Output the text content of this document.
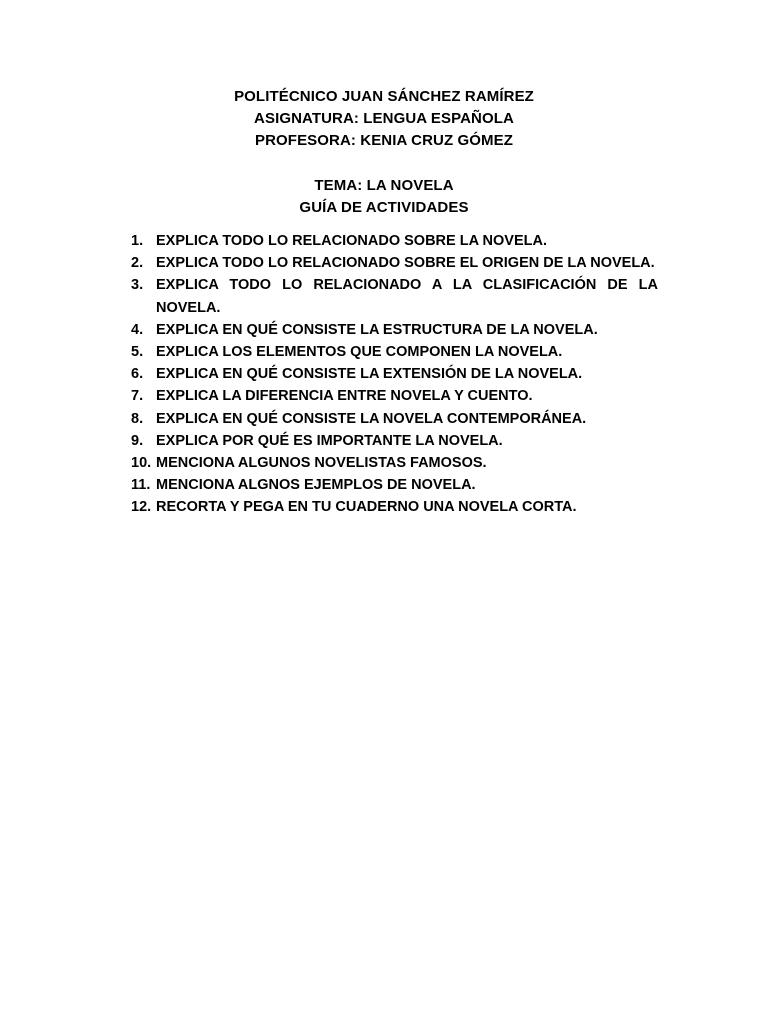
POLITÉCNICO JUAN SÁNCHEZ RAMÍREZ
ASIGNATURA: LENGUA ESPAÑOLA
PROFESORA: KENIA CRUZ GÓMEZ
TEMA: LA NOVELA
GUÍA DE ACTIVIDADES
1. EXPLICA TODO LO RELACIONADO SOBRE LA NOVELA.
2. EXPLICA TODO LO RELACIONADO SOBRE EL ORIGEN DE LA NOVELA.
3. EXPLICA TODO LO RELACIONADO A LA CLASIFICACIÓN DE LA NOVELA.
4. EXPLICA EN QUÉ CONSISTE LA ESTRUCTURA DE LA NOVELA.
5. EXPLICA LOS ELEMENTOS QUE COMPONEN LA NOVELA.
6. EXPLICA EN QUÉ CONSISTE LA EXTENSIÓN DE LA NOVELA.
7. EXPLICA LA DIFERENCIA ENTRE NOVELA Y CUENTO.
8. EXPLICA EN QUÉ CONSISTE LA NOVELA CONTEMPORÁNEA.
9. EXPLICA POR QUÉ ES IMPORTANTE LA NOVELA.
10. MENCIONA ALGUNOS NOVELISTAS FAMOSOS.
11. MENCIONA ALGNOS EJEMPLOS DE NOVELA.
12. RECORTA Y PEGA EN TU CUADERNO UNA NOVELA CORTA.
